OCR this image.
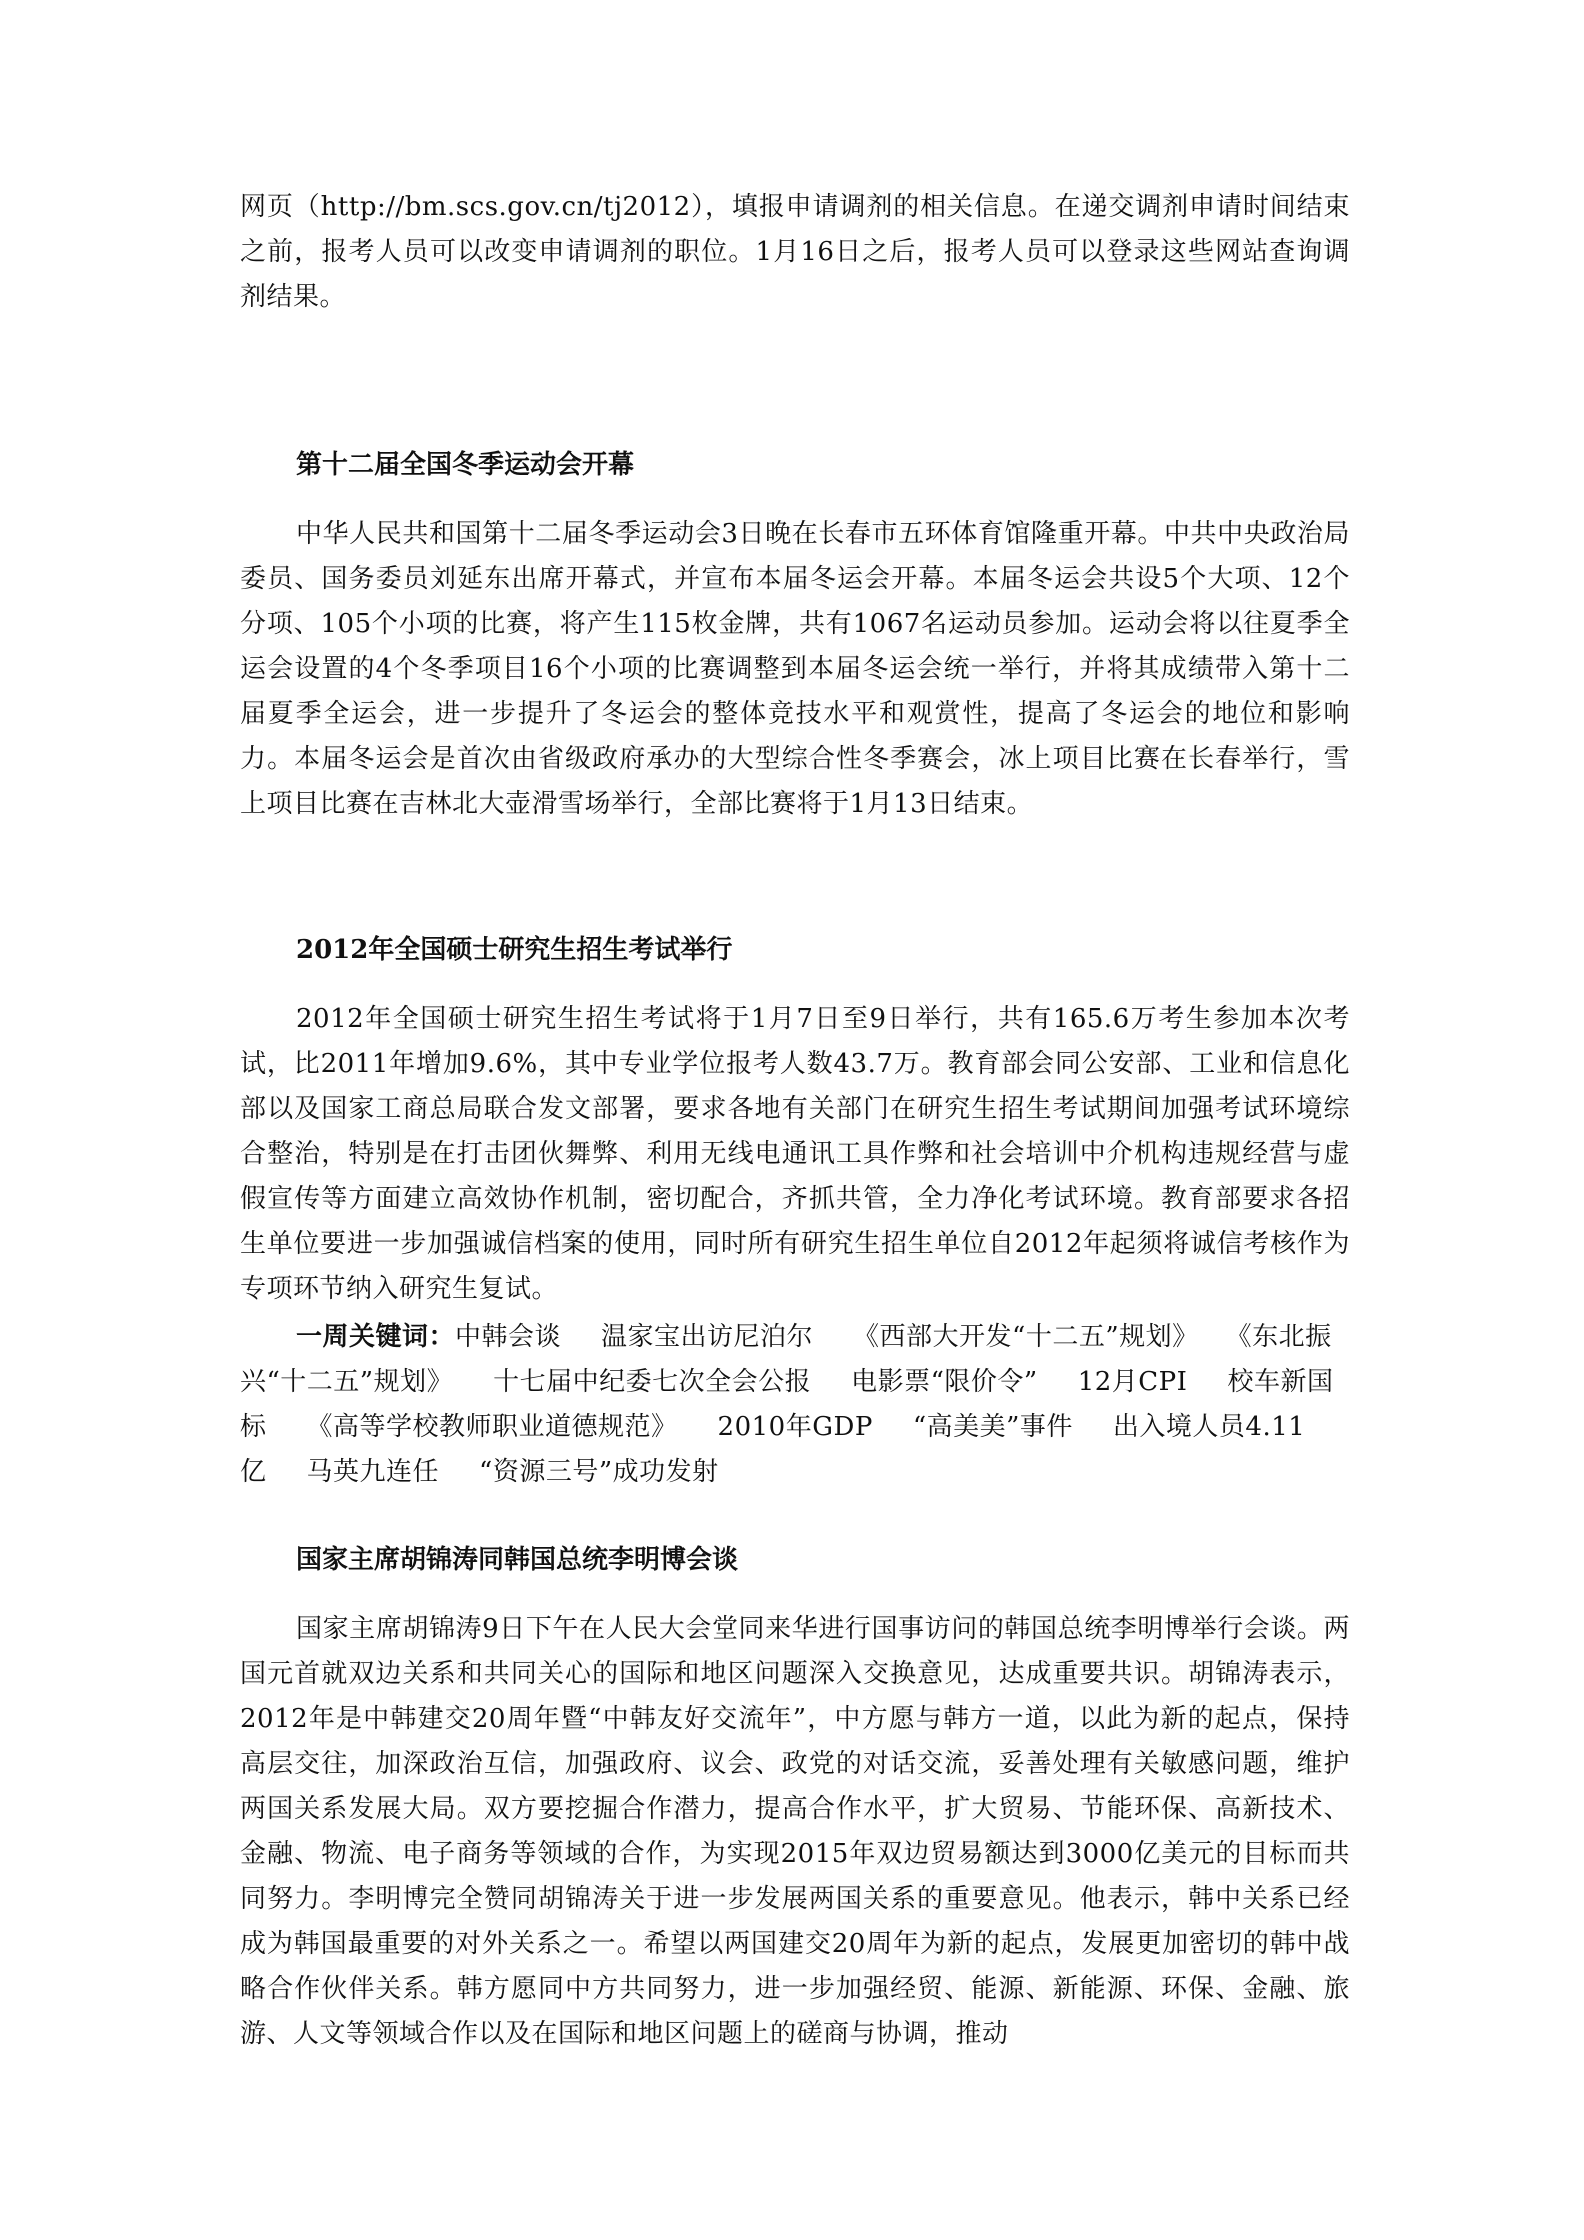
网页（http://bm.scs.gov.cn/tj2012），填报申请调剂的相关信息。在递交调剂申请时间结束之前，报考人员可以改变申请调剂的职位。1月16日之后，报考人员可以登录这些网站查询调剂结果。

第十二届全国冬季运动会开幕

中华人民共和国第十二届冬季运动会3日晚在长春市五环体育馆隆重开幕。中共中央政治局委员、国务委员刘延东出席开幕式，并宣布本届冬运会开幕。本届冬运会共设5个大项、12个分项、105个小项的比赛，将产生115枚金牌，共有1067名运动员参加。运动会将以往夏季全运会设置的4个冬季项目16个小项的比赛调整到本届冬运会统一举行，并将其成绩带入第十二届夏季全运会，进一步提升了冬运会的整体竞技水平和观赏性，提高了冬运会的地位和影响力。本届冬运会是首次由省级政府承办的大型综合性冬季赛会，冰上项目比赛在长春举行，雪上项目比赛在吉林北大壶滑雪场举行，全部比赛将于1月13日结束。

2012年全国硕士研究生招生考试举行

2012年全国硕士研究生招生考试将于1月7日至9日举行，共有165.6万考生参加本次考试，比2011年增加9.6%，其中专业学位报考人数43.7万。教育部会同公安部、工业和信息化部以及国家工商总局联合发文部署，要求各地有关部门在研究生招生考试期间加强考试环境综合整治，特别是在打击团伙舞弊、利用无线电通讯工具作弊和社会培训中介机构违规经营与虚假宣传等方面建立高效协作机制，密切配合，齐抓共管，全力净化考试环境。教育部要求各招生单位要进一步加强诚信档案的使用，同时所有研究生招生单位自2012年起须将诚信考核作为专项环节纳入研究生复试。

一周关键词：中韩会谈 温家宝出访尼泊尔 《西部大开发“十二五”规划》 《东北振兴“十二五”规划》 十七届中纪委七次全会公报 电影票“限价令” 12月CPI 校车新国标 《高等学校教师职业道德规范》 2010年GDP “高美美”事件 出入境人员4.11亿 马英九连任 “资源三号”成功发射
国家主席胡锦涛同韩国总统李明博会谈

国家主席胡锦涛9日下午在人民大会堂同来华进行国事访问的韩国总统李明博举行会谈。两国元首就双边关系和共同关心的国际和地区问题深入交换意见，达成重要共识。胡锦涛表示，2012年是中韩建交20周年暨“中韩友好交流年”，中方愿与韩方一道，以此为新的起点，保持高层交往，加深政治互信，加强政府、议会、政党的对话交流，妥善处理有关敏感问题，维护两国关系发展大局。双方要挖掘合作潜力，提高合作水平，扩大贸易、节能环保、高新技术、金融、物流、电子商务等领域的合作，为实现2015年双边贸易额达到3000亿美元的目标而共同努力。李明博完全赞同胡锦涛关于进一步发展两国关系的重要意见。他表示，韩中关系已经成为韩国最重要的对外关系之一。希望以两国建交20周年为新的起点，发展更加密切的韩中战略合作伙伴关系。韩方愿同中方共同努力，进一步加强经贸、能源、新能源、环保、金融、旅游、人文等领域合作以及在国际和地区问题上的磋商与协调，推动
